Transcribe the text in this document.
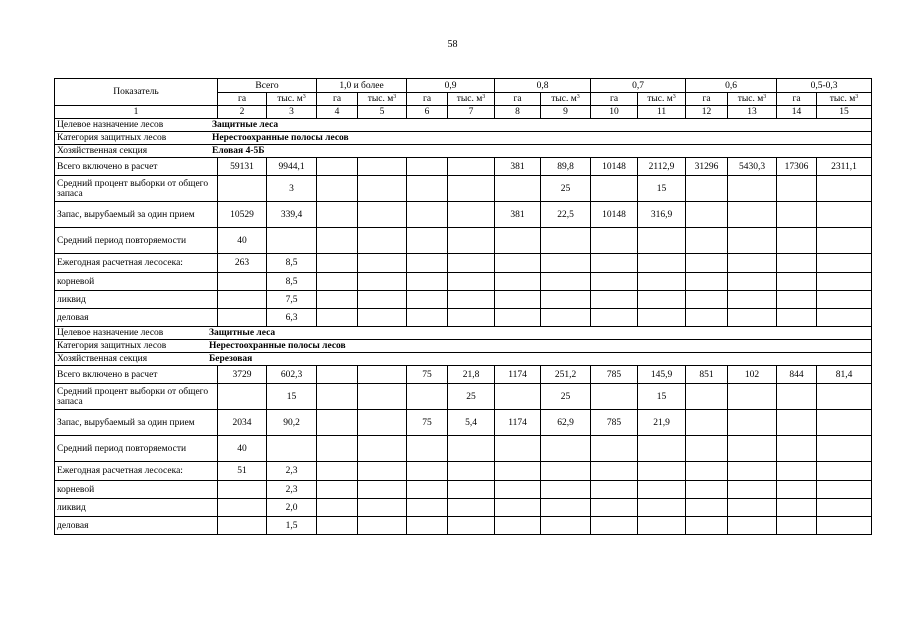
58
Показатель	Всего		1,0 и более		0,9		0,8		0,7		0,6		0,5-0,3	
	га	тыс. $м^3$	га	тыс. $м^3$	га	тыс. $м^3$	га	тыс. $м^3$	га	тыс. $м^3$	га	тыс. $м^3$	га	тыс. $м^3$
1	2	3	4	5	6	7	8	9	10	11	12	13	14	15

Целевое назначение лесов Защитные леса														

Категория защитных лесов Нерестоохранные полосы лесов														

Хозяйственная секция Еловая 4-5Б														

Всего включено в расчет	59131	9944,1					381	89,8	10148	2112,9	31296	5430,3	17306	2311,1
Средний процент выборки от общего запаса		3						25		15				
Запас, вырубаемый за один прием	10529	339,4					381	22,5	10148	316,9				
Средний период повторяемости	40													
Ежегодная расчетная лесосека:	263	8,5												
корневой		8,5												
ликвид		7,5												
деловая		6,3												

Целевое назначение лесов Защитные леса														

Категория защитных лесов Нерестоохранные полосы лесов														

Хозяйственная секция Березовая														

Всего включено в расчет	3729	602,3			75	21,8	1174	251,2	785	145,9	851	102	844	81,4
Средний процент выборки от общего запаса		15				25		25		15				
Запас, вырубаемый за один прием	2034	90,2			75	5,4	1174	62,9	785	21,9				
Средний период повторяемости	40													
Ежегодная расчетная лесосека:	51	2,3												
корневой		2,3												
ликвид		2,0												
деловая		1,5												
